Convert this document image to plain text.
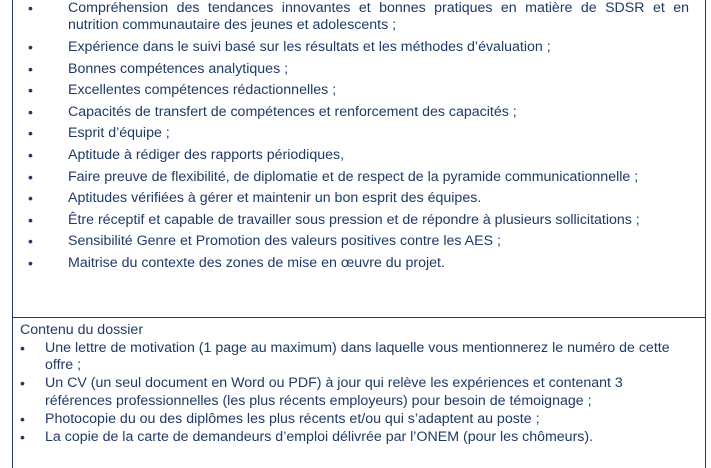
• Compréhension des tendances innovantes et bonnes pratiques en matière de SDSR et en nutrition communautaire des jeunes et adolescents ;
• Expérience dans le suivi basé sur les résultats et les méthodes d’évaluation ;
• Bonnes compétences analytiques ;
• Excellentes compétences rédactionnelles ;
• Capacités de transfert de compétences et renforcement des capacités ;
• Esprit d’équipe ;
• Aptitude à rédiger des rapports périodiques,
• Faire preuve de flexibilité, de diplomatie et de respect de la pyramide communicationnelle ;
• Aptitudes vérifiées à gérer et maintenir un bon esprit des équipes.
• Être réceptif et capable de travailler sous pression et de répondre à plusieurs sollicitations ;
• Sensibilité Genre et Promotion des valeurs positives contre les AES ;
• Maitrise du contexte des zones de mise en œuvre du projet.
Contenu du dossier
• Une lettre de motivation (1 page au maximum) dans laquelle vous mentionnerez le numéro de cette offre ;
• Un CV (un seul document en Word ou PDF) à jour qui relève les expériences et contenant 3 références professionnelles (les plus récents employeurs) pour besoin de témoignage ;
• Photocopie du ou des diplômes les plus récents et/ou qui s’adaptent au poste ;
• La copie de la carte de demandeurs d’emploi délivrée par l’ONEM (pour les chômeurs).
